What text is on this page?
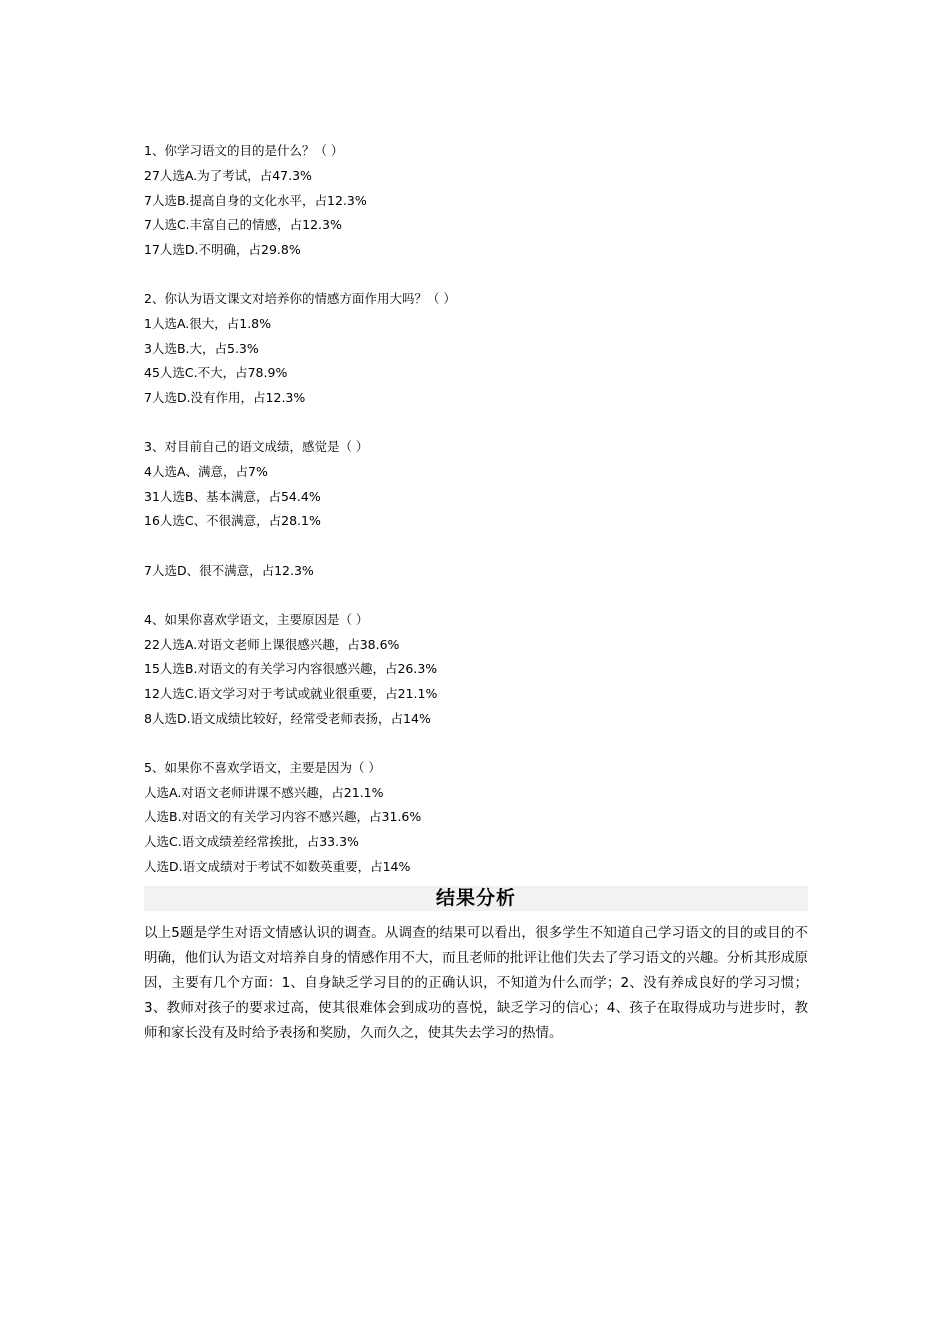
1、你学习语文的目的是什么？（ ）
27人选A.为了考试，占47.3%
7人选B.提高自身的文化水平，占12.3%
7人选C.丰富自己的情感，占12.3%
17人选D.不明确，占29.8%
2、你认为语文课文对培养你的情感方面作用大吗？（ ）
1人选A.很大，占1.8%
3人选B.大，占5.3%
45人选C.不大，占78.9%
7人选D.没有作用，占12.3%
3、对目前自己的语文成绩，感觉是（ ）
4人选A、满意，占7%
31人选B、基本满意，占54.4%
16人选C、不很满意，占28.1%
7人选D、很不满意，占12.3%
4、如果你喜欢学语文，主要原因是（ ）
22人选A.对语文老师上课很感兴趣，占38.6%
15人选B.对语文的有关学习内容很感兴趣，占26.3%
12人选C.语文学习对于考试或就业很重要，占21.1%
8人选D.语文成绩比较好，经常受老师表扬，占14%
5、如果你不喜欢学语文，主要是因为（ ）
人选A.对语文老师讲课不感兴趣，占21.1%
人选B.对语文的有关学习内容不感兴趣，占31.6%
人选C.语文成绩差经常挨批，占33.3%
人选D.语文成绩对于考试不如数英重要，占14%
结果分析
以上5题是学生对语文情感认识的调查。从调查的结果可以看出，很多学生不知道自己学习语文的目的或目的不明确，他们认为语文对培养自身的情感作用不大，而且老师的批评让他们失去了学习语文的兴趣。分析其形成原因，主要有几个方面：1、自身缺乏学习目的的正确认识，不知道为什么而学；2、没有养成良好的学习习惯；3、教师对孩子的要求过高，使其很难体会到成功的喜悦，缺乏学习的信心；4、孩子在取得成功与进步时，教师和家长没有及时给予表扬和奖励，久而久之，使其失去学习的热情。
